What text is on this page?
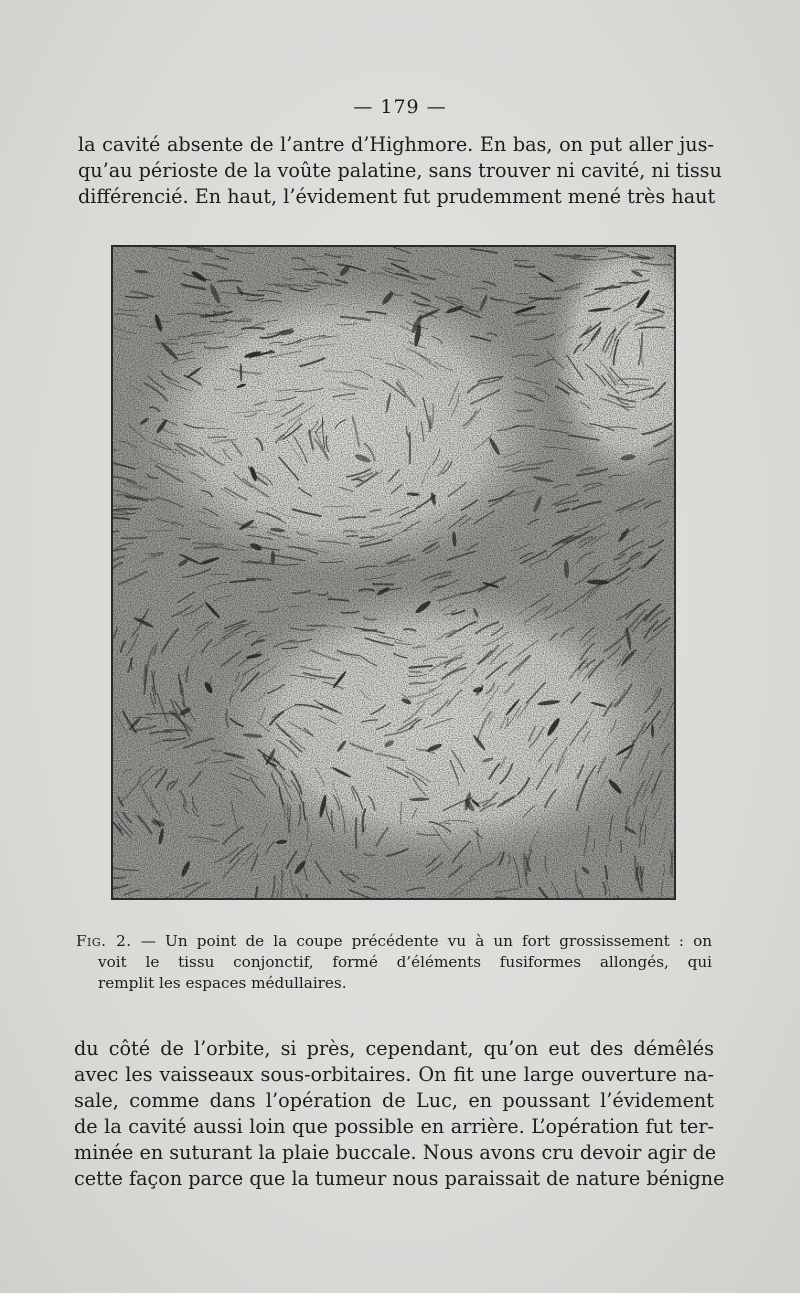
— 179 —

la cavité absente de l’antre d’Highmore. En bas, on put aller jus-
qu’au périoste de la voûte palatine, sans trouver ni cavité, ni tissu
différencié. En haut, l’évidement fut prudemment mené très haut

Fig. 2. — Un point de la coupe précédente vu à un fort grossissement : on
voit le tissu conjonctif, formé d’éléments fusiformes allongés, qui
remplit les espaces médullaires.

du côté de l’orbite, si près, cependant, qu’on eut des démêlés
avec les vaisseaux sous-orbitaires. On fit une large ouverture na-
sale, comme dans l’opération de Luc, en poussant l’évidement
de la cavité aussi loin que possible en arrière. L’opération fut ter-
minée en suturant la plaie buccale. Nous avons cru devoir agir de
cette façon parce que la tumeur nous paraissait de nature bénigne
